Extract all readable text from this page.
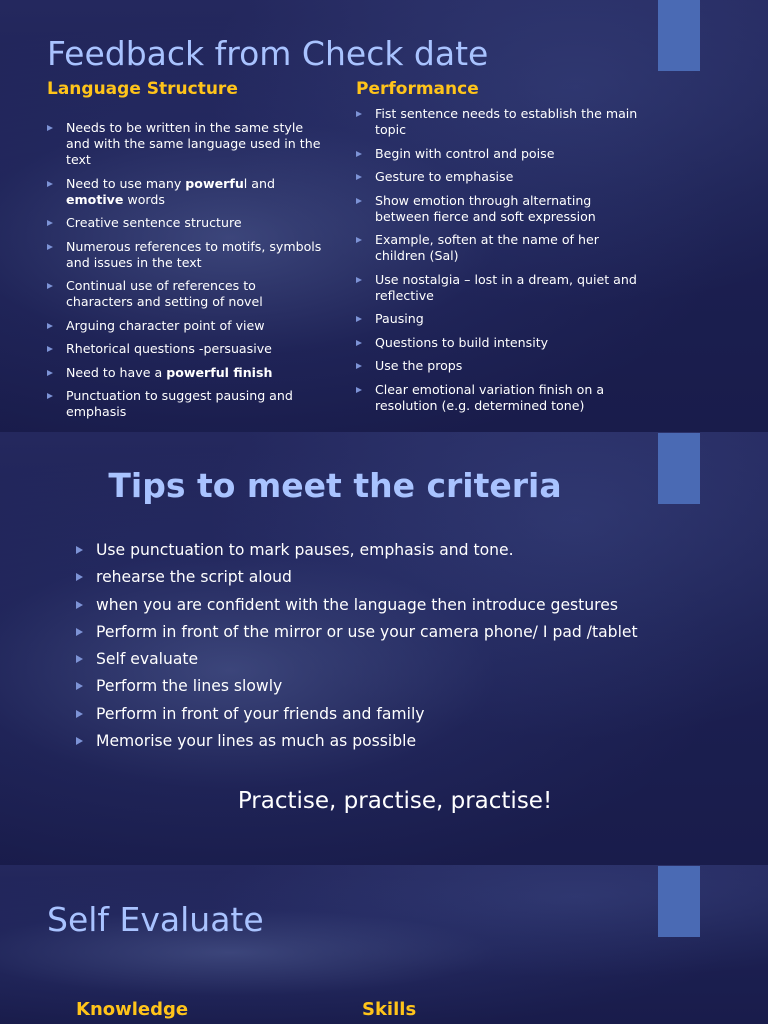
Feedback from Check date
Language Structure	Performance
Needs to be written in the same style and with the same language used in the text
Need to use many powerful and emotive words
Creative sentence structure
Numerous references to motifs, symbols and issues in the text
Continual use of references to characters and setting of novel
Arguing character point of view
Rhetorical questions -persuasive
Need to have a powerful finish
Punctuation to suggest pausing and emphasis
Fist sentence needs to establish the main topic
Begin with control and poise
Gesture to emphasise
Show emotion through alternating between fierce and soft expression
Example, soften at the name of her children (Sal)
Use nostalgia – lost in a dream, quiet and reflective
Pausing
Questions to build intensity
Use the props
Clear emotional variation finish on a resolution (e.g. determined tone)
Tips to meet the criteria
Use punctuation to mark pauses, emphasis and tone.
rehearse the script aloud
when you are confident with the language then introduce gestures
Perform in front of the mirror or use your camera phone/ I pad /tablet
Self evaluate
Perform the lines slowly
Perform in front of your friends and family
Memorise your lines as much as possible

Practise, practise, practise!

Self Evaluate
Knowledge	Skills
